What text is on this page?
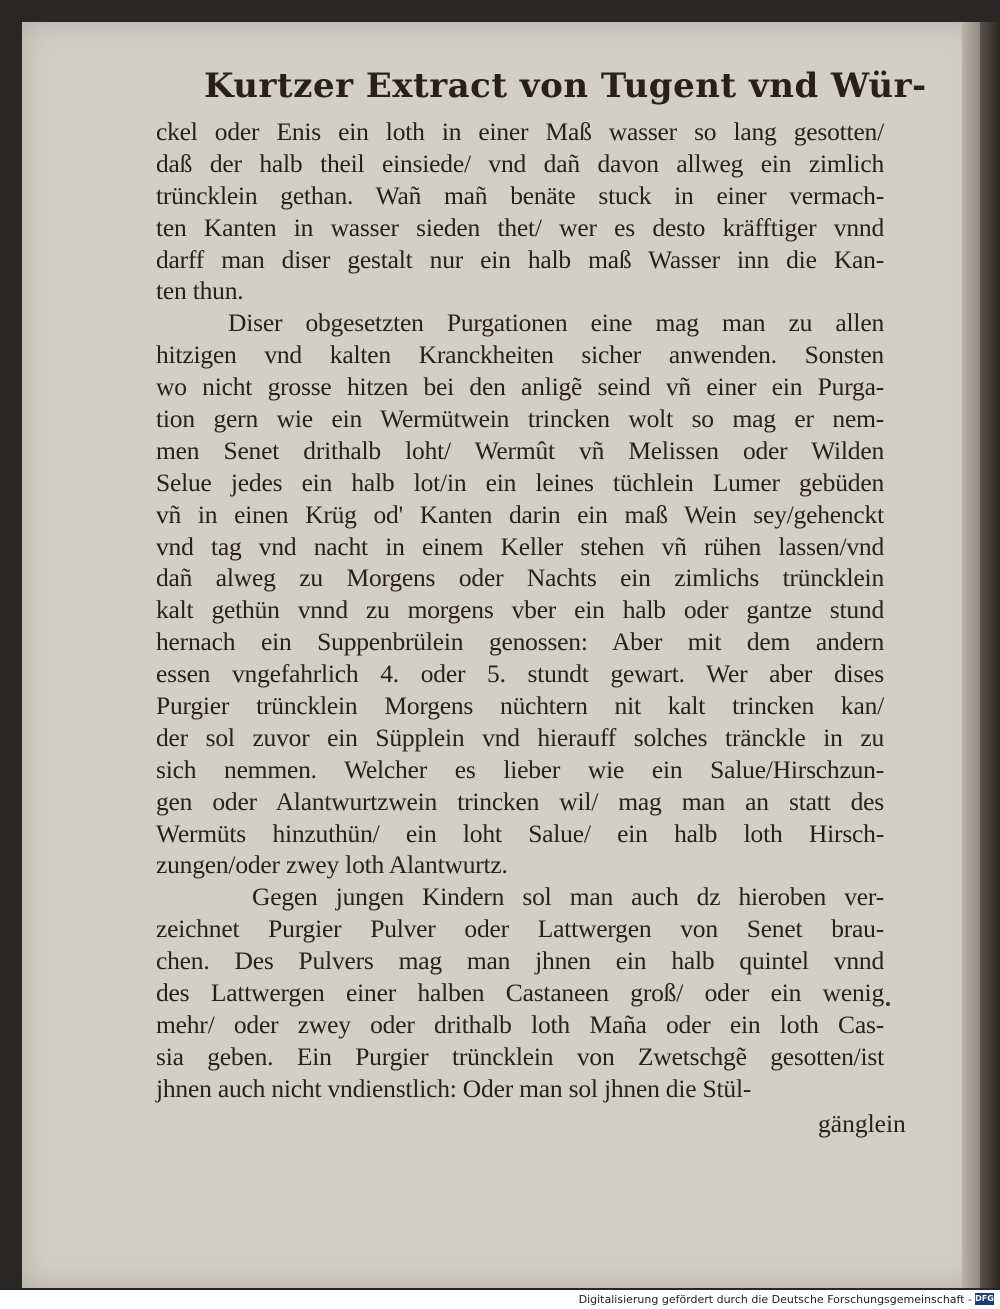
Kurtzer Extract von Tugent vnd Wür-
ckel oder Enis ein loth in einer Maß wasser so lang gesotten/
daß der halb theil einsiede/ vnd dañ davon allweg ein zimlich
trüncklein gethan. Wañ mañ benäte stuck in einer vermach-
ten Kanten in wasser sieden thet/ wer es desto kräfftiger vnnd
darff man diser gestalt nur ein halb maß Wasser inn die Kan-
ten thun.
Diser obgesetzten Purgationen eine mag man zu allen
hitzigen vnd kalten Kranckheiten sicher anwenden. Sonsten
wo nicht grosse hitzen bei den anligẽ seind vñ einer ein Purga-
tion gern wie ein Wermütwein trincken wolt so mag er nem-
men Senet drithalb loht/ Wermût vñ Melissen oder Wilden
Selue jedes ein halb lot/in ein leines tüchlein Lumer gebüden
vñ in einen Krüg od' Kanten darin ein maß Wein sey/gehenckt
vnd tag vnd nacht in einem Keller stehen vñ rühen lassen/vnd
dañ alweg zu Morgens oder Nachts ein zimlichs trüncklein
kalt gethün vnnd zu morgens vber ein halb oder gantze stund
hernach ein Suppenbrülein genossen: Aber mit dem andern
essen vngefahrlich 4. oder 5. stundt gewart. Wer aber dises
Purgier trüncklein Morgens nüchtern nit kalt trincken kan/
der sol zuvor ein Süpplein vnd hierauff solches tränckle in zu
sich nemmen. Welcher es lieber wie ein Salue/Hirschzun-
gen oder Alantwurtzwein trincken wil/ mag man an statt des
Wermüts hinzuthün/ ein loht Salue/ ein halb loth Hirsch-
zungen/oder zwey loth Alantwurtz.
Gegen jungen Kindern sol man auch dz hieroben ver-
zeichnet Purgier Pulver oder Lattwergen von Senet brau-
chen. Des Pulvers mag man jhnen ein halb quintel vnnd
des Lattwergen einer halben Castaneen groß/ oder ein wenig
mehr/ oder zwey oder drithalb loth Mañа oder ein loth Cas-
sia geben. Ein Purgier trüncklein von Zwetschgẽ gesotten/ist
jhnen auch nicht vndienstlich: Oder man sol jhnen die Stül-
gänglein
Digitalisierung gefördert durch die Deutsche Forschungsgemeinschaft - DFG
